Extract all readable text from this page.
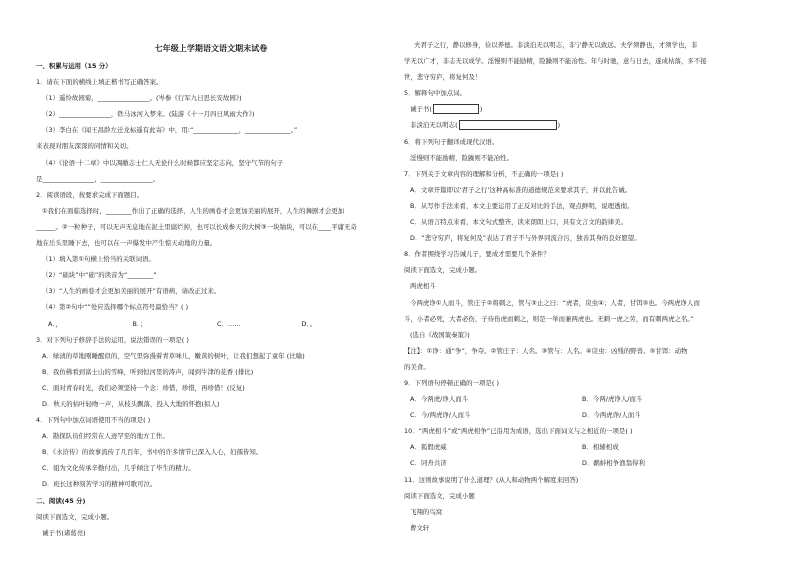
七年级上学期语文语文期末试卷
一、积累与运用（15 分）
1．请在下面的横线上填正楷书写正确答案。
（1）遥怜故园菊，________________。(岑参《行军九日思长安故园》)
（2）________________，铁马冰河入梦来。(陆游《十一月四日风雨大作》)
（3）李白在《闻王昌龄左迁龙标遥有此寄》中，用:“______________，______________。”
来表现对朋友深深的同情和关切。
（4）《论语·十二章》中以凋敝志士仁人无论什么时候都应坚定志向，坚守气节的句子
是________________，________________。
2．阅读语段，按要求完成下面题目。
①我们在面临选择时，________作出了正确的选择，人生的画卷才会更加美丽的展开，人生的舞剧才会更加
______。②一粒种子，可以无声无息地在泥土里腐烂掉，也可以长成参天的大树③一块铀块，可以在____平庸无奇
地在岳头里睡下去，也可以在一声爆发中产生惊天动地的力量。
（1）填入第①句横上恰当的关联词语。
（2）“础块”中“础”的读音为“________”
（3）“人生的画卷才会更加美丽的展开”有语病，请改正过来。
（4）第②句中“”处应选择哪个标点符号最恰当？( )
A．，	B．；	C．……	D．。
3．对下列句子修辞手法的运用，说法错误的一项是( )
A．绿渍的草地刚睡醒似的，空气里弥漫着青草味儿，嫩黄的树叶，让我们想起了童年 (比喻)
B．我仿佛看到富士山的雪峰，听到恒河里的涛声，闻到牛津的花香 (排比)
C．面对青春时光，我们必须坚持一个念：珍惜，珍惜，再珍惜！(反复)
D．秋天的枯叶轻吻一声，从枝头飘落，投入大地的怀抱(拟人)
4．下列句中加点词语使用不当的项是( )
A．勘探队员们经常在人迹罕至的地方工作。
B．《水浒传》的故事流传了几百年，书中的许多情节已深入人心，妇孺皆知。
C．姐为文化传承辛勤付出，几乎倾注了毕生的精力。
D．班长这种刻苦学习的精神可歌可泣。
二、阅读(45 分)
阅读下面选文，完成小题。
诫子书(诸葛亮)
夫君子之行，静以修身，俭以养德。非淡泊无以明志，非宁静无以致远。夫学须静也，才须学也，非
学无以广才，非志无以成学。淫慢则不能励精，险躁则不能冶性。年与时驰，意与日去，遂成枯落，多不接
世，悲守穷庐，将复何及！
5．解释句中加点词。
诫子书(	)
非淡泊无以明志(	)
6．将下列句子翻译成现代汉语。
淫慢则不能励精，险躁则不能冶性。
7．下列关于文章内容的理解和分析，不正确的一项是( )
A．文章开篇即以‘君子之行’这种高标准的道德规范来要求其子，并以此告诫。
B．从写作手法来看，本文主要运用了正反对比的手法，观点鲜明，说理透彻。
C．从语言特点来看，本文句式整齐，读来朗朗上口，具有文言文的韵律美。
D．“悲守穷庐，将复何及”表达了君子不与外界同流合污，独善其身的良好愿望。
8．作者围绕学习告诫儿子，要成才需要几个条件？
阅读下面选文，完成小题。
两虎相斗
今两虎诤①人而斗，管庄子②将刺之，管与③止之曰：“虎者，戾虫④；人者，甘饵⑤也。今两虎诤人而
斗，小者必死，大者必伤，子待伤虎而刺之，则是一举而兼两虎也。无刺一虎之劳，而有刺两虎之名。”
(选自《战国策秦策》)
【注】：①诤：通“争”，争夺。②管庄子：人名。③管与：人名。④戾虫：凶残的野兽。⑤甘饵：动物
的美食。
9．下列语句停顿正确的一项是( )
A．今两虎/诤人而斗	B．今两/虎诤人/而斗
C．今/两虎诤/人而斗	D．今两虎诤/人而斗
10．“两虎相斗”或“两虎相争”已沿用为成语，选出下面词义与之相近的一项是( )
A．狐假虎威	B．相辅相成
C．同舟共济	D．鹬蚌相争渔翁得利
11．这则故事说明了什么道理？(从人和动物两个解度来回答)
阅读下面选文，完成小题
飞翔的鸟窝
曹文轩
